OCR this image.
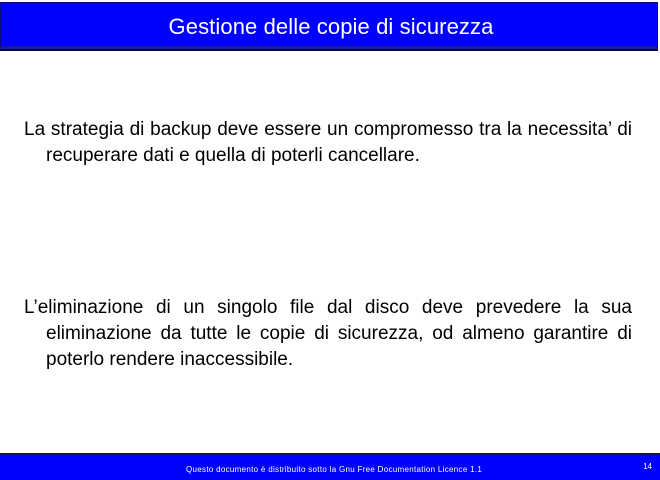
Gestione delle copie di sicurezza
La strategia di backup deve essere un compromesso tra la necessita’ di recuperare dati e quella di poterli cancellare.
L’eliminazione di un singolo file dal disco deve prevedere la sua eliminazione da tutte le copie di sicurezza, od almeno garantire di poterlo rendere inaccessibile.
Questo documento è distribuito sotto la Gnu Free Documentation Licence 1.1	14
